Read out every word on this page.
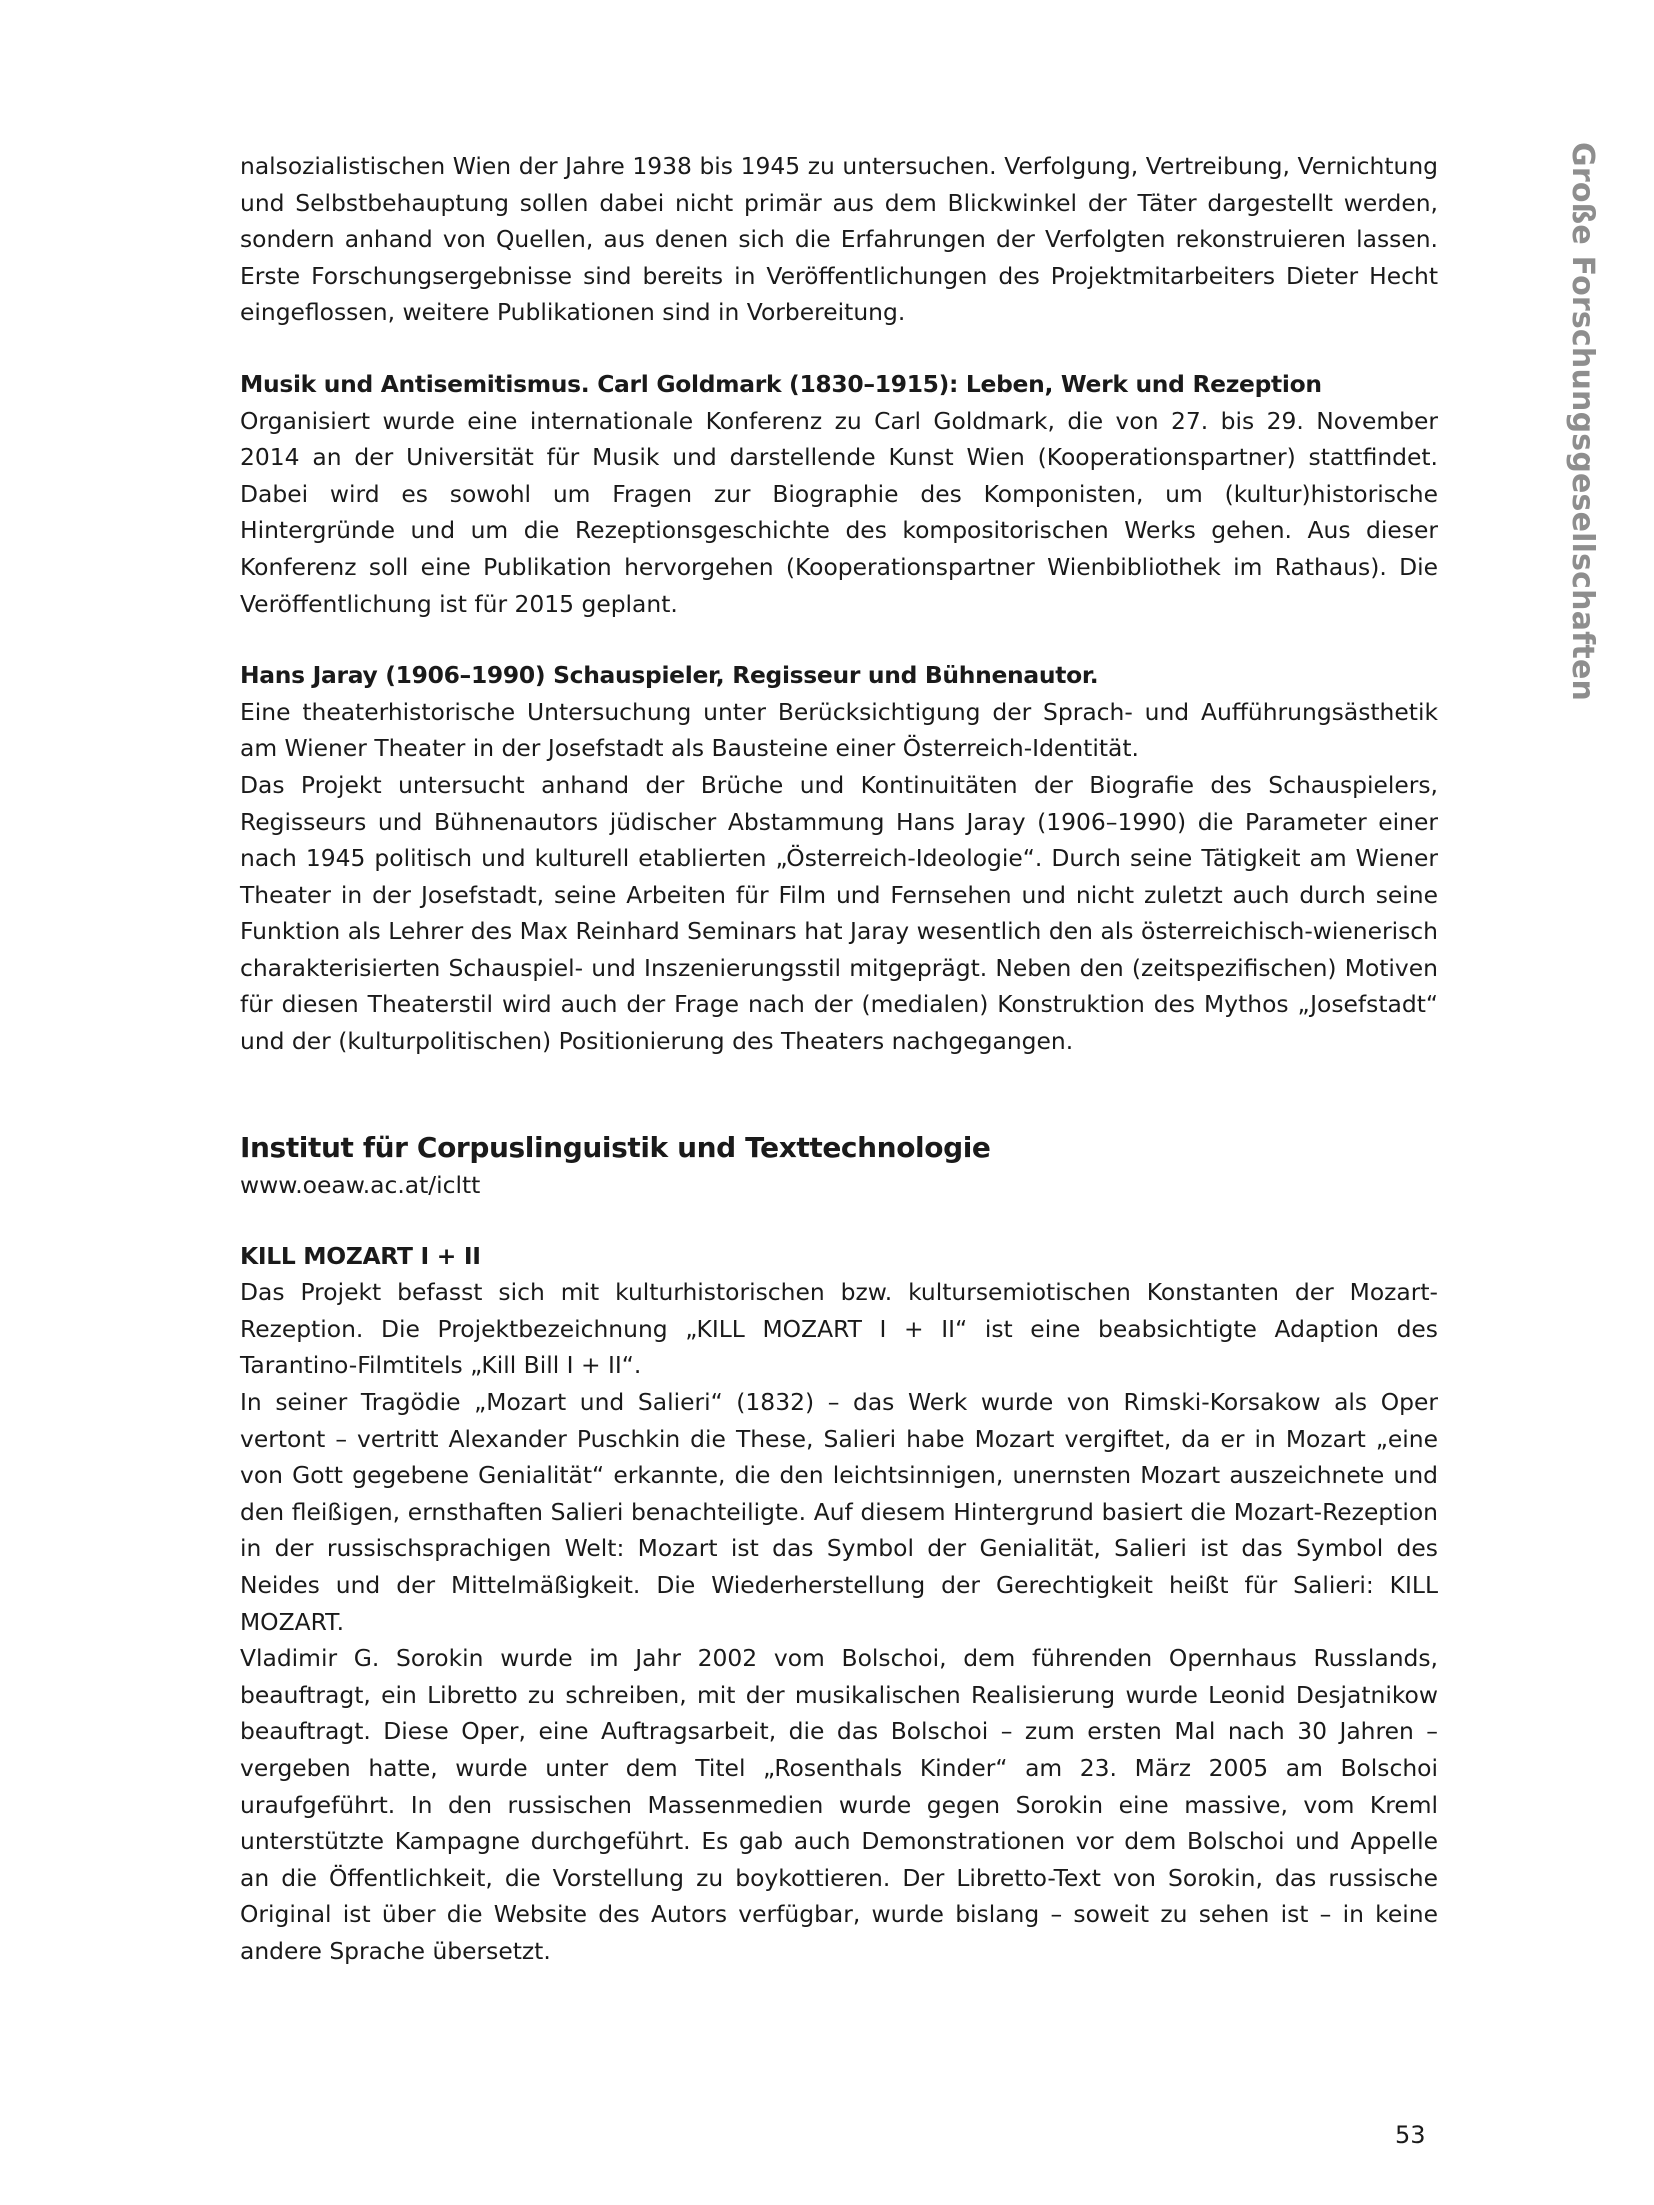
Große Forschungsgesellschaften

nalsozialistischen Wien der Jahre 1938 bis 1945 zu untersuchen. Verfolgung, Vertreibung, Vernichtung und Selbstbehauptung sollen dabei nicht primär aus dem Blickwinkel der Täter dargestellt werden, sondern anhand von Quellen, aus denen sich die Erfahrungen der Verfolgten rekonstruieren lassen. Erste Forschungsergebnisse sind bereits in Veröffentlichungen des Projektmitarbeiters Dieter Hecht eingeflossen, weitere Publikationen sind in Vorbereitung.

Musik und Antisemitismus. Carl Goldmark (1830–1915): Leben, Werk und Rezeption

Organisiert wurde eine internationale Konferenz zu Carl Goldmark, die von 27. bis 29. November 2014 an der Universität für Musik und darstellende Kunst Wien (Kooperationspartner) stattfindet. Dabei wird es sowohl um Fragen zur Biographie des Komponisten, um (kultur)historische Hintergründe und um die Rezeptionsgeschichte des kompositorischen Werks gehen. Aus dieser Konferenz soll eine Publikation hervorgehen (Kooperationspartner Wienbibliothek im Rathaus). Die Veröffentlichung ist für 2015 geplant.

Hans Jaray (1906–1990) Schauspieler, Regisseur und Bühnenautor.

Eine theaterhistorische Untersuchung unter Berücksichtigung der Sprach- und Aufführungsästhetik am Wiener Theater in der Josefstadt als Bausteine einer Österreich-Identität.

Das Projekt untersucht anhand der Brüche und Kontinuitäten der Biografie des Schauspielers, Regisseurs und Bühnenautors jüdischer Abstammung Hans Jaray (1906–1990) die Parameter einer nach 1945 politisch und kulturell etablierten „Österreich-Ideologie“. Durch seine Tätigkeit am Wiener Theater in der Josefstadt, seine Arbeiten für Film und Fernsehen und nicht zuletzt auch durch seine Funktion als Lehrer des Max Reinhard Seminars hat Jaray wesentlich den als österreichisch-wienerisch charakterisierten Schauspiel- und Inszenierungsstil mitgeprägt. Neben den (zeitspezifischen) Motiven für diesen Theaterstil wird auch der Frage nach der (medialen) Konstruktion des Mythos „Josefstadt“ und der (kulturpolitischen) Positionierung des Theaters nachgegangen.

Institut für Corpuslinguistik und Texttechnologie
www.oeaw.ac.at/icltt
KILL MOZART I + II

Das Projekt befasst sich mit kulturhistorischen bzw. kultursemiotischen Konstanten der Mozart-Rezeption. Die Projektbezeichnung „KILL MOZART I + II“ ist eine beabsichtigte Adaption des Tarantino-Filmtitels „Kill Bill I + II“.

In seiner Tragödie „Mozart und Salieri“ (1832) – das Werk wurde von Rimski-Korsakow als Oper vertont – vertritt Alexander Puschkin die These, Salieri habe Mozart vergiftet, da er in Mozart „eine von Gott gegebene Genialität“ erkannte, die den leichtsinnigen, unernsten Mozart auszeichnete und den fleißigen, ernsthaften Salieri benachteiligte. Auf diesem Hintergrund basiert die Mozart-Rezeption in der russischsprachigen Welt: Mozart ist das Symbol der Genialität, Salieri ist das Symbol des Neides und der Mittelmäßigkeit. Die Wiederherstellung der Gerechtigkeit heißt für Salieri: KILL MOZART.

Vladimir G. Sorokin wurde im Jahr 2002 vom Bolschoi, dem führenden Opernhaus Russlands, beauftragt, ein Libretto zu schreiben, mit der musikalischen Realisierung wurde Leonid Desjatnikow beauftragt. Diese Oper, eine Auftragsarbeit, die das Bolschoi – zum ersten Mal nach 30 Jahren – vergeben hatte, wurde unter dem Titel „Rosenthals Kinder“ am 23. März 2005 am Bolschoi uraufgeführt. In den russischen Massenmedien wurde gegen Sorokin eine massive, vom Kreml unterstützte Kampagne durchgeführt. Es gab auch Demonstrationen vor dem Bolschoi und Appelle an die Öffentlichkeit, die Vorstellung zu boykottieren. Der Libretto-Text von Sorokin, das russische Original ist über die Website des Autors verfügbar, wurde bislang – soweit zu sehen ist – in keine andere Sprache übersetzt.

53
